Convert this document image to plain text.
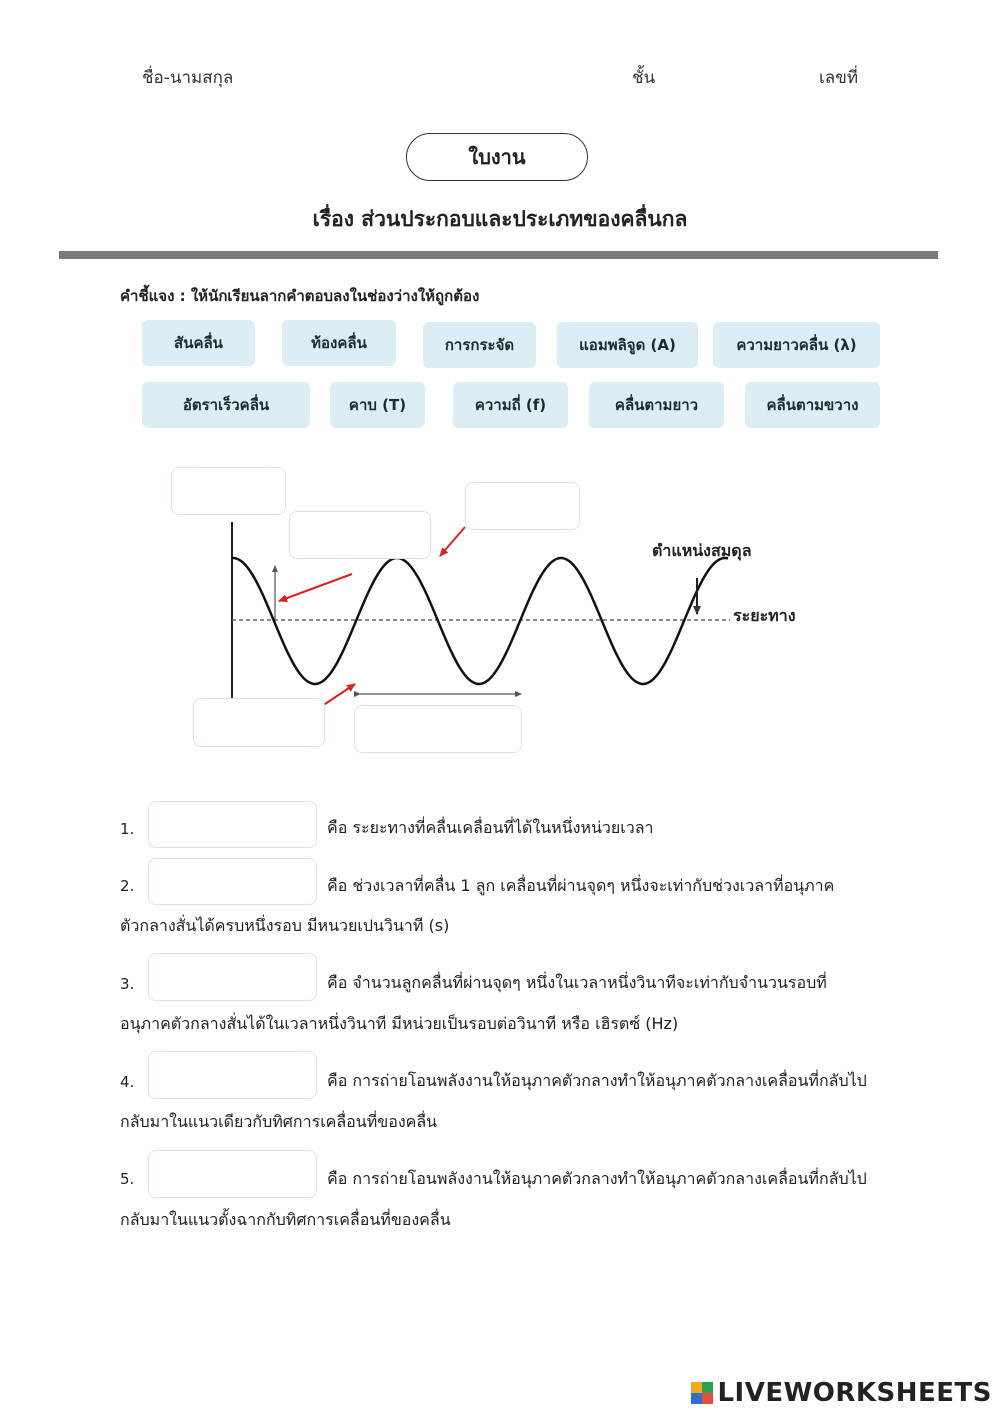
ชื่อ-นามสกุล	ชั้น	เลขที่
ใบงาน
เรื่อง ส่วนประกอบและประเภทของคลื่นกล
คำชี้แจง : ให้นักเรียนลากคำตอบลงในช่องว่างให้ถูกต้อง
สันคลื่น	ท้องคลื่น	การกระจัด	แอมพลิจูด (A)	ความยาวคลื่น (λ)
อัตราเร็วคลื่น	คาบ (T)	ความถี่ (f)	คลื่นตามยาว	คลื่นตามขวาง
ตำแหน่งสมดุล
ระยะทาง
1.	คือ ระยะทางที่คลื่นเคลื่อนที่ได้ในหนึ่งหน่วยเวลา
2.	คือ ช่วงเวลาที่คลื่น 1 ลูก เคลื่อนที่ผ่านจุดๆ หนึ่งจะเท่ากับช่วงเวลาที่อนุภาค
ตัวกลางสั่นได้ครบหนึ่งรอบ มีหนวยเปนวินาที (s)
3.	คือ จำนวนลูกคลื่นที่ผ่านจุดๆ หนึ่งในเวลาหนึ่งวินาทีจะเท่ากับจำนวนรอบที่
อนุภาคตัวกลางสั่นได้ในเวลาหนึ่งวินาที มีหน่วยเป็นรอบต่อวินาที หรือ เฮิรตซ์ (Hz)
4.	คือ การถ่ายโอนพลังงานให้อนุภาคตัวกลางทำให้อนุภาคตัวกลางเคลื่อนที่กลับไป
กลับมาในแนวเดียวกับทิศการเคลื่อนที่ของคลื่น
5.	คือ การถ่ายโอนพลังงานให้อนุภาคตัวกลางทำให้อนุภาคตัวกลางเคลื่อนที่กลับไป
กลับมาในแนวตั้งฉากกับทิศการเคลื่อนที่ของคลื่น
LIVEWORKSHEETS
